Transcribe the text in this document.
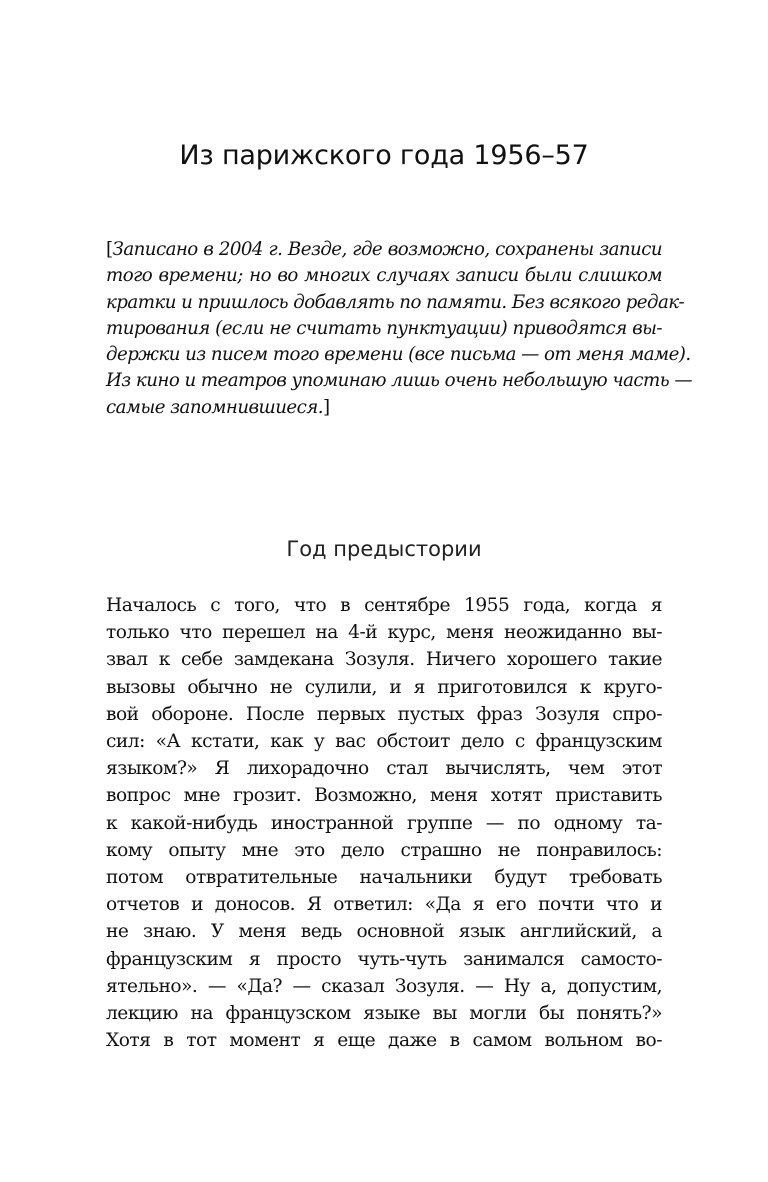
Из парижского года 1956–57
[Записано в 2004 г. Везде, где возможно, сохранены записи
того времени; но во многих случаях записи были слишком
кратки и пришлось добавлять по памяти. Без всякого редак-
тирования (если не считать пунктуации) приводятся вы-
держки из писем того времени (все письма — от меня маме).
Из кино и театров упоминаю лишь очень небольшую часть —
самые запомнившиеся.]
Год предыстории
Началось с того, что в сентябре 1955 года, когда я
только что перешел на 4-й курс, меня неожиданно вы-
звал к себе замдекана Зозуля. Ничего хорошего такие
вызовы обычно не сулили, и я приготовился к круго-
вой обороне. После первых пустых фраз Зозуля спро-
сил: «А кстати, как у вас обстоит дело с французским
языком?» Я лихорадочно стал вычислять, чем этот
вопрос мне грозит. Возможно, меня хотят приставить
к какой-нибудь иностранной группе — по одному та-
кому опыту мне это дело страшно не понравилось:
потом отвратительные начальники будут требовать
отчетов и доносов. Я ответил: «Да я его почти что и
не знаю. У меня ведь основной язык английский, а
французским я просто чуть-чуть занимался самосто-
ятельно». — «Да? — сказал Зозуля. — Ну а, допустим,
лекцию на французском языке вы могли бы понять?»
Хотя в тот момент я еще даже в самом вольном во-
